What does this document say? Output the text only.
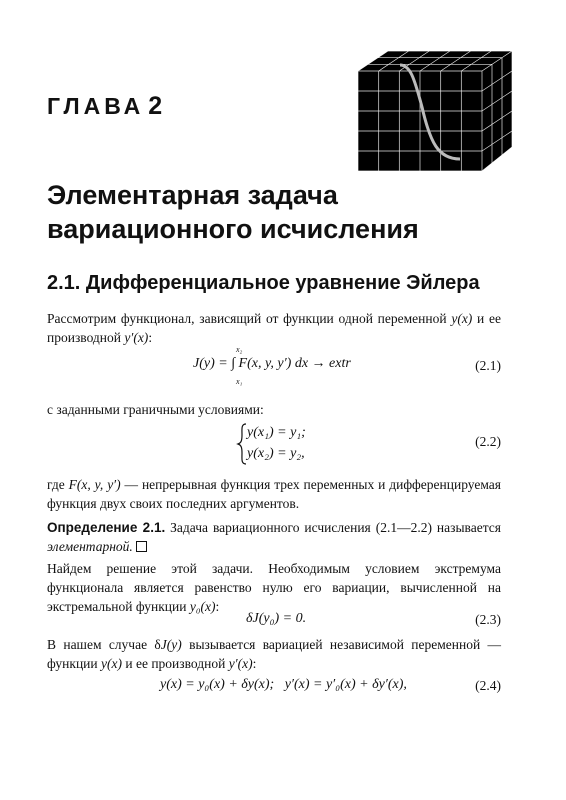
ГЛАВА 2
Элементарная задача
вариационного исчисления
2.1. Дифференциальное уравнение Эйлера
Рассмотрим функционал, зависящий от функции одной переменной y(x) и ее производной y′(x):
J(y) = ∫ F(x, y, y′) dx → extr
x₂
x₁
(2.1)
с заданными граничными условиями:
y(x₁) = y₁;
y(x₂) = y₂,
(2.2)
где F(x, y, y′) — непрерывная функция трех переменных и дифференцируемая функция двух своих последних аргументов.
Определение 2.1. Задача вариационного исчисления (2.1—2.2) называется элементарной.
Найдем решение этой задачи. Необходимым условием экстремума функционала является равенство нулю его вариации, вычисленной на экстремальной функции y₀(x):
δJ(y₀) = 0.	(2.3)
В нашем случае δJ(y) вызывается вариацией независимой переменной — функции y(x) и ее производной y′(x):
y(x) = y₀(x) + δy(x);   y′(x) = y′₀(x) + δy′(x),	(2.4)
